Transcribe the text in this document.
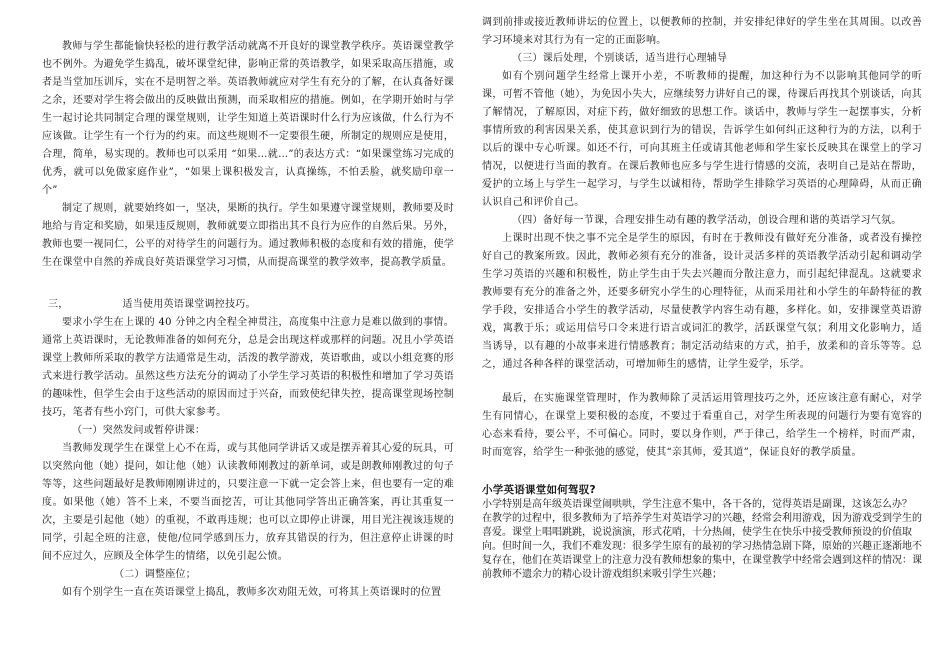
教师与学生都能愉快轻松的进行教学活动就离不开良好的课堂教学秩序。英语课堂教学也不例外。为避免学生捣乱，破坏课堂纪律，影响正常的英语教学，如果采取高压措施，或者是当堂加压训斥，实在不是明智之举。英语教师就应对学生有充分的了解，在认真备好课之余，还要对学生将会做出的反映做出预测，而采取相应的措施。例如，在学期开始时与学生一起讨论共同制定合理的课堂规则，让学生知道上英语课时什么行为应该做，什么行为不应该做。让学生有一个行为的约束。而这些规则不一定要很生硬，所制定的规则应是使用，合理，简单，易实现的。教师也可以采用 “如果…就…”的表达方式：“如果课堂练习完成的优秀，就可以免做家庭作业”，“如果上课积极发言，认真操练，不怕丢脸，就奖励印章一个”

制定了规则，就要始终如一，坚决，果断的执行。学生如果遵守课堂规则，教师要及时地给与肯定和奖励，如果违反规则，教师就要立即指出其不良行为应作的自然后果。另外，教师也要一视同仁，公平的对待学生的问题行为。通过教师积极的态度和有效的措施，使学生在课堂中自然的养成良好英语课堂学习习惯，从而提高课堂的教学效率，提高教学质量。

三，	适当使用英语课堂调控技巧。

要求小学生在上课的 40 分钟之内全程全神贯注，高度集中注意力是难以做到的事情。通常上英语课时，无论教师准备的如何充分，总是会出现这样或那样的问题。况且小学英语课堂上教师所采取的教学方法通常是生动，活泼的教学游戏，英语歌曲，或以小组竞赛的形式来进行教学活动。虽然这些方法充分的调动了小学生学习英语的积极性和增加了学习英语的趣味性，但学生会由于这些活动的原因而过于兴奋，而致使纪律失控，提高课堂现场控制技巧，笔者有些小窍门，可供大家参考。

（一）突然发问或暂停讲课：

当教师发现学生在课堂上心不在焉，或与其他同学讲话又或是摆弄着其心爱的玩具，可以突然向他（她）提问，如让他（她）认读教师刚教过的新单词，或是朗教师刚教过的句子等等，这些问题最好是教师刚刚讲过的，只要注意一下就一定会答上来，但也要有一定的难度。如果他（她）答不上来，不要当面挖苦，可让其他同学答出正确答案，再让其重复一次，主要是引起他（她）的重视，不敢再违规；也可以立即停止讲课，用目光注视该违规的同学，引起全班的注意，使他/位同学感到压力，放弃其错误的行为，但注意停止讲课的时间不应过久，应顾及全体学生的情绪，以免引起公愤。

（二）调整座位；

如有个别学生一直在英语课堂上捣乱，教师多次劝阻无效，可将其上英语课时的位置

调到前排或接近教师讲坛的位置上，以便教师的控制，并安排纪律好的学生坐在其周围。以改善学习环境来对其行为有一定的正面影响。

（三）课后处理，个别谈话，适当进行心理辅导

如有个别问题学生经常上课开小差，不听教师的提醒，加这种行为不以影响其他同学的听课，可暂不管他（她），为免因小失大，应继续努力讲好自己的课，待课后再找其个别谈话，向其了解情况，了解原因，对症下药，做好细致的思想工作。谈话中，教师与学生一起摆事实，分析事情所致的利害因果关系，使其意识到行为的错误，告诉学生如何纠正这种行为的方法，以利于以后的课中专心听课。如还不行，可向其班主任或请其他老师和学生家长反映其在课堂上的学习情况，以便进行当面的教育。在课后教师也应多与学生进行情感的交流，表明自己是站在帮助，爱护的立场上与学生一起学习，与学生以诚相待，帮助学生排除学习英语的心理障碍，从而正确认识自己和评价自己。

（四）备好每一节课，合理安排生动有趣的教学活动，创设合理和谐的英语学习气氛。

上课时出现不快之事不完全是学生的原因，有时在于教师没有做好充分准备，或者没有操控好自己的教案所致。因此，教师必须有充分的准备，设计灵活多样的英语教学活动引起和调动学生学习英语的兴趣和积极性，防止学生由于失去兴趣而分散注意力，而引起纪律混乱。这就要求教师要有充分的准备之外，还要多研究小学生的心理特征，从而采用社和小学生的年龄特征的教学手段，安排适合小学生的教学活动，尽量使教学内容生动有趣，多样化。如，安排课堂英语游戏，寓教于乐；或运用信号口令来进行语言或词汇的教学，活跃课堂气氛；利用文化影响力，适当诱导，以有趣的小故事来进行情感教育；制定活动结束的方式，拍手，放柔和的音乐等等。总之，通过各种各样的课堂活动，可增加师生的感情，让学生爱学，乐学。

最后，在实施课堂管理时，作为教师除了灵活运用管理技巧之外，还应该注意有耐心，对学生有同情心，在课堂上要积极的态度，不要过于看重自己，对学生所表现的问题行为要有宽容的心态来看待，要公平，不可偏心。同时，要以身作则，严于律己，给学生一个榜样，时而严肃，时而宽容，给学生一种张弛的感觉，使其“亲其师，爱其道”，保证良好的教学质量。

小学英语课堂如何驾驭?

小学特别是高年级英语课堂闹哄哄，学生注意不集中，各干各的，觉得英语是副课，这该怎么办？

在教学的过程中，很多教师为了培养学生对英语学习的兴趣，经常会利用游戏，因为游戏受到学生的喜爱。课堂上唱唱跳跳，说说演演，形式花哨，十分热闹，使学生在快乐中接受教师预设的价值取向。但时间一久，我们不难发现：很多学生原有的最初的学习热情急剧下降，原始的兴趣正逐渐地不复存在，他们在英语课堂上的注意力没有教师想象的集中，在课堂教学中经常会遇到这样的情况：课前教师不遗余力的精心设计游戏组织来吸引学生兴趣；
